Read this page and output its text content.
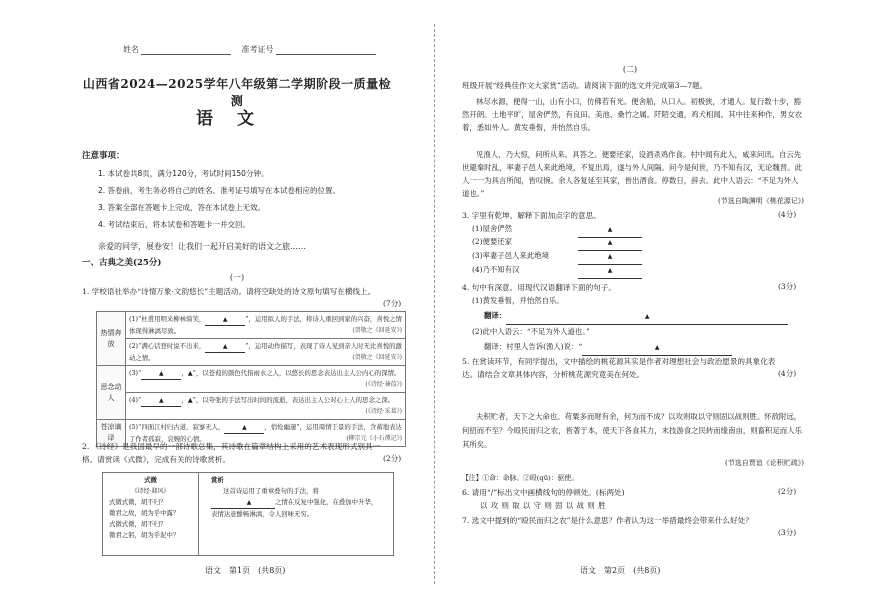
姓名	准考证号
山西省2024—2025学年八年级第二学期阶段一质量检测
语文
注意事项：
1. 本试卷共8页，满分120分，考试时间150分钟。
2. 答卷前，考生务必将自己的姓名、准考证号填写在本试卷相应的位置。
3. 答案全部在答题卡上完成，答在本试卷上无效。
4. 考试结束后，将本试卷和答题卡一并交回。
亲爱的同学，展卷安！让我们一起开启美好的语文之旅……
一、古典之美(25分)
(一)
1. 学校语社举办“诗情万象·文韵悠长”主题活动。请将空缺处的诗文原句填写在横线上。
(7分)
热情奔放	(1)“杜甫用明来柳林骑笑， ▲ ”，运用拟人的手法，将诗人重回到家的兴奋，喜悦之情体现得淋漓尽致。 (贺敬之《回延安》)

	(2)“满心话登时说不出来， ▲ ”，运用动作描写，表现了诗人见到亲人时无比喜悦的激动之情。 (贺敬之《回延安》)

思念动人	(3)“ ▲ ，▲”，以苍葭的颜色代指雨水之人，以悠长的思念表达出主人公内心的深情。
(《诗经·蒹葭》)

	(4)“ ▲ ，▲”，以夸张的手法写出时间的流逝，表达出主人公对心上人的思念之深。
(《诗经·采葛》)

苍凉谪译	(5)“四面江村归古道，寂寥无人， ▲ ，悄怆幽邃”，运用周情于景的手法，含蓄地表达了作者孤寂、哀婉的心情。 (柳宗元《小石潭记》)
2. 《诗经》是我国最早的一部诗歌总集，其诗歌在篇章结构上采用的艺术表现形式别具一格。请赏读《式微》，完成有关的诗歌赏析。	(2分)
式微
《诗经·邶风》
式微式微，胡不归？
微君之故，胡为乎中露？
式微式微，胡不归？
微君之躬，胡为乎泥中？
赏析
这首诗运用了重章叠句的手法，将▲	之情在反复中强化，在叠加中升华，表情达意酣畅淋漓，令人回味无穷。
语文　第1页　(共8页)
(二)
班级开展“经典佳作文大家赏”活动。请阅读下面的选文并完成第3—7题。
林尽水源，便得一山，山有小口，仿佛若有光。便舍船，从口入。初极狭，才通人。复行数十步，豁然开朗。土地平旷，屋舍俨然，有良田、美池、桑竹之属。阡陌交通，鸡犬相闻。其中往来种作，男女衣着，悉如外人。黄发垂髫，并怡然自乐。
见渔人，乃大惊，问所从来。具答之。便要还家，设酒杀鸡作食。村中闻有此人，咸来问讯。自云先世避秦时乱，率妻子邑人来此绝境，不复出焉，遂与外人间隔。问今是何世，乃不知有汉，无论魏晋。此人一一为具言所闻，皆叹惋。余人各复延至其家，皆出酒食。停数日，辞去。此中人语云：“不足为外人道也。”
(节选自陶渊明《桃花源记》)
3. 字里有乾坤。解释下面加点字的意思。	(4分)
(1)屋舍俨然	▲
(2)便要还家	▲
(3)率妻子邑人来此绝境	▲
(4)乃不知有汉	▲
4. 句中有深意。用现代汉语翻译下面的句子。	(3分)
(1)黄发垂髫，并怡然自乐。
翻译：	▲
(2)此中人语云：“不足为外人道也。”
翻译：村里人告诉(渔人)说：“	▲
5. 在赏读环节，有同学提出，文中描绘的桃花源其实是作者对理想社会与政治愿景的具象化表达。请结合文章具体内容，分析桃花源究竟美在何处。	(4分)
夫积贮者，天下之大命也。苟粟多而财有余，何为而不成？以攻则取以守则固以战则胜。怀敌附远，何招而不至？今殴民而归之农，皆著于本，使天下各食其力，末技游食之民转而缘南亩，则畜积足而人乐其所矣。
(节选自贾谊《论积贮疏》)
【注】①命：命脉。②殴(qū)：驱使。
6. 请用“/”标出文中画横线句的停顿处。(标两处)	(2分)
以 攻 则 取 以 守 则 固 以 战 则 胜
7. 选文中提到的“殴民而归之农”是什么意思？作者认为这一举措最终会带来什么好处？
(3分)
语文　第2页　(共8页)
